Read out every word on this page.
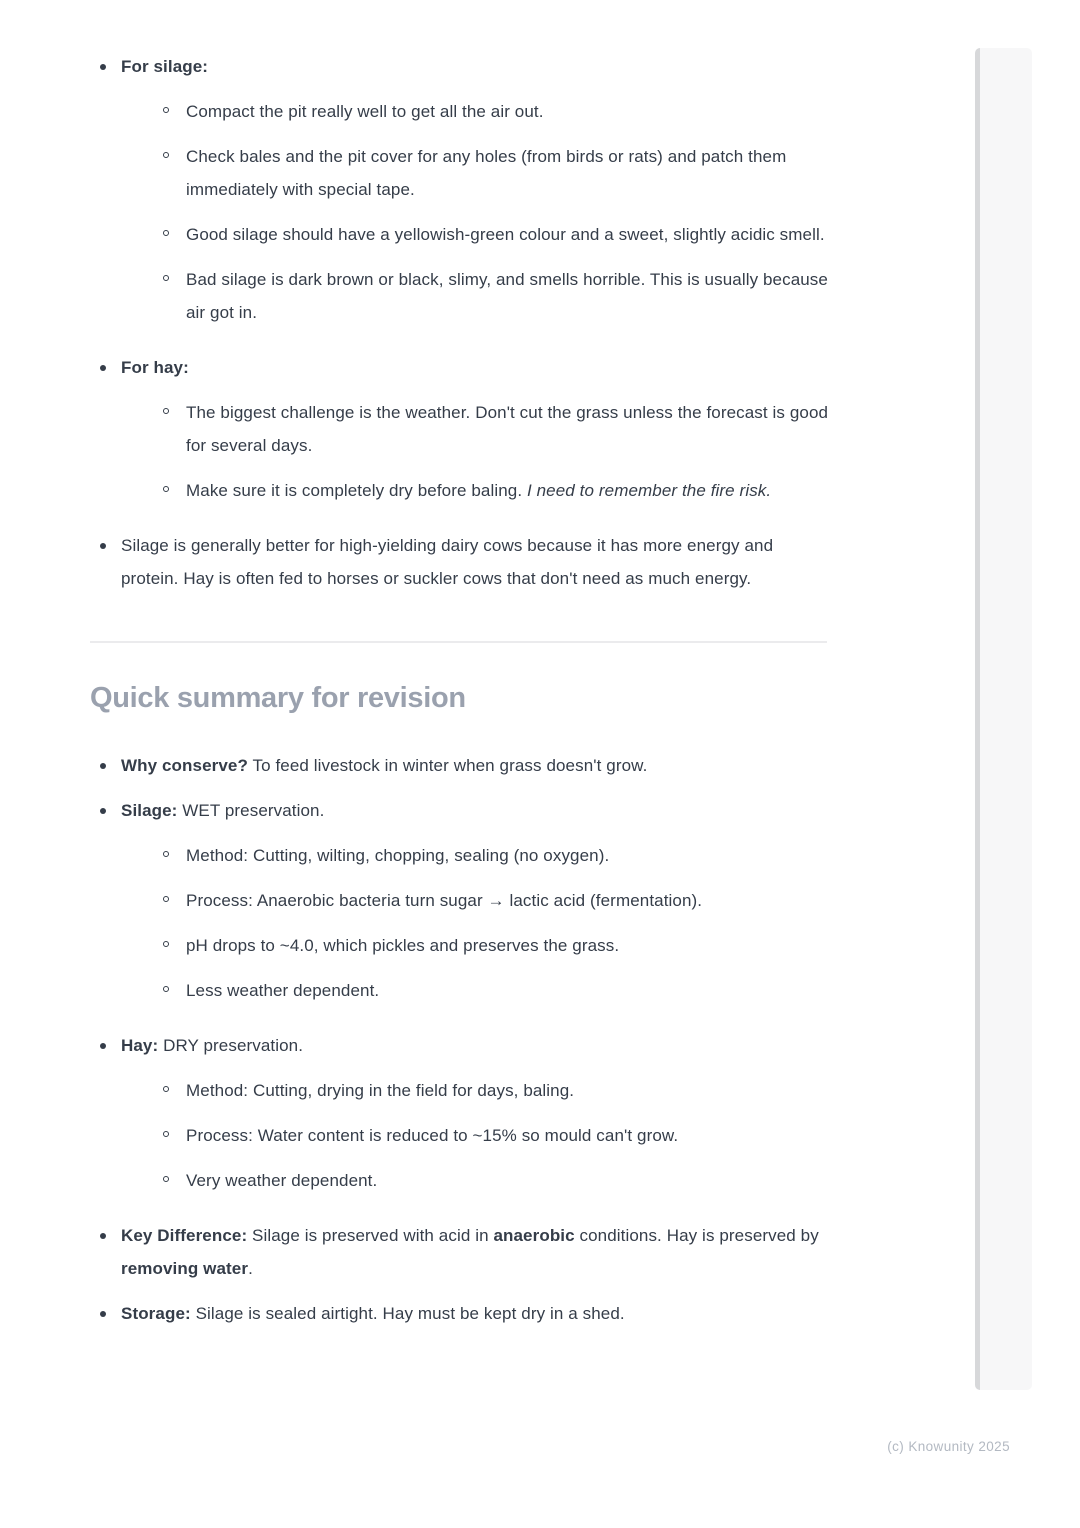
For silage:
Compact the pit really well to get all the air out.
Check bales and the pit cover for any holes (from birds or rats) and patch them immediately with special tape.
Good silage should have a yellowish-green colour and a sweet, slightly acidic smell.
Bad silage is dark brown or black, slimy, and smells horrible. This is usually because air got in.
For hay:
The biggest challenge is the weather. Don't cut the grass unless the forecast is good for several days.
Make sure it is completely dry before baling. I need to remember the fire risk.
Silage is generally better for high-yielding dairy cows because it has more energy and protein. Hay is often fed to horses or suckler cows that don't need as much energy.
Quick summary for revision
Why conserve? To feed livestock in winter when grass doesn't grow.
Silage: WET preservation.
Method: Cutting, wilting, chopping, sealing (no oxygen).
Process: Anaerobic bacteria turn sugar → lactic acid (fermentation).
pH drops to ~4.0, which pickles and preserves the grass.
Less weather dependent.
Hay: DRY preservation.
Method: Cutting, drying in the field for days, baling.
Process: Water content is reduced to ~15% so mould can't grow.
Very weather dependent.
Key Difference: Silage is preserved with acid in anaerobic conditions. Hay is preserved by removing water.
Storage: Silage is sealed airtight. Hay must be kept dry in a shed.
(c) Knowunity 2025
